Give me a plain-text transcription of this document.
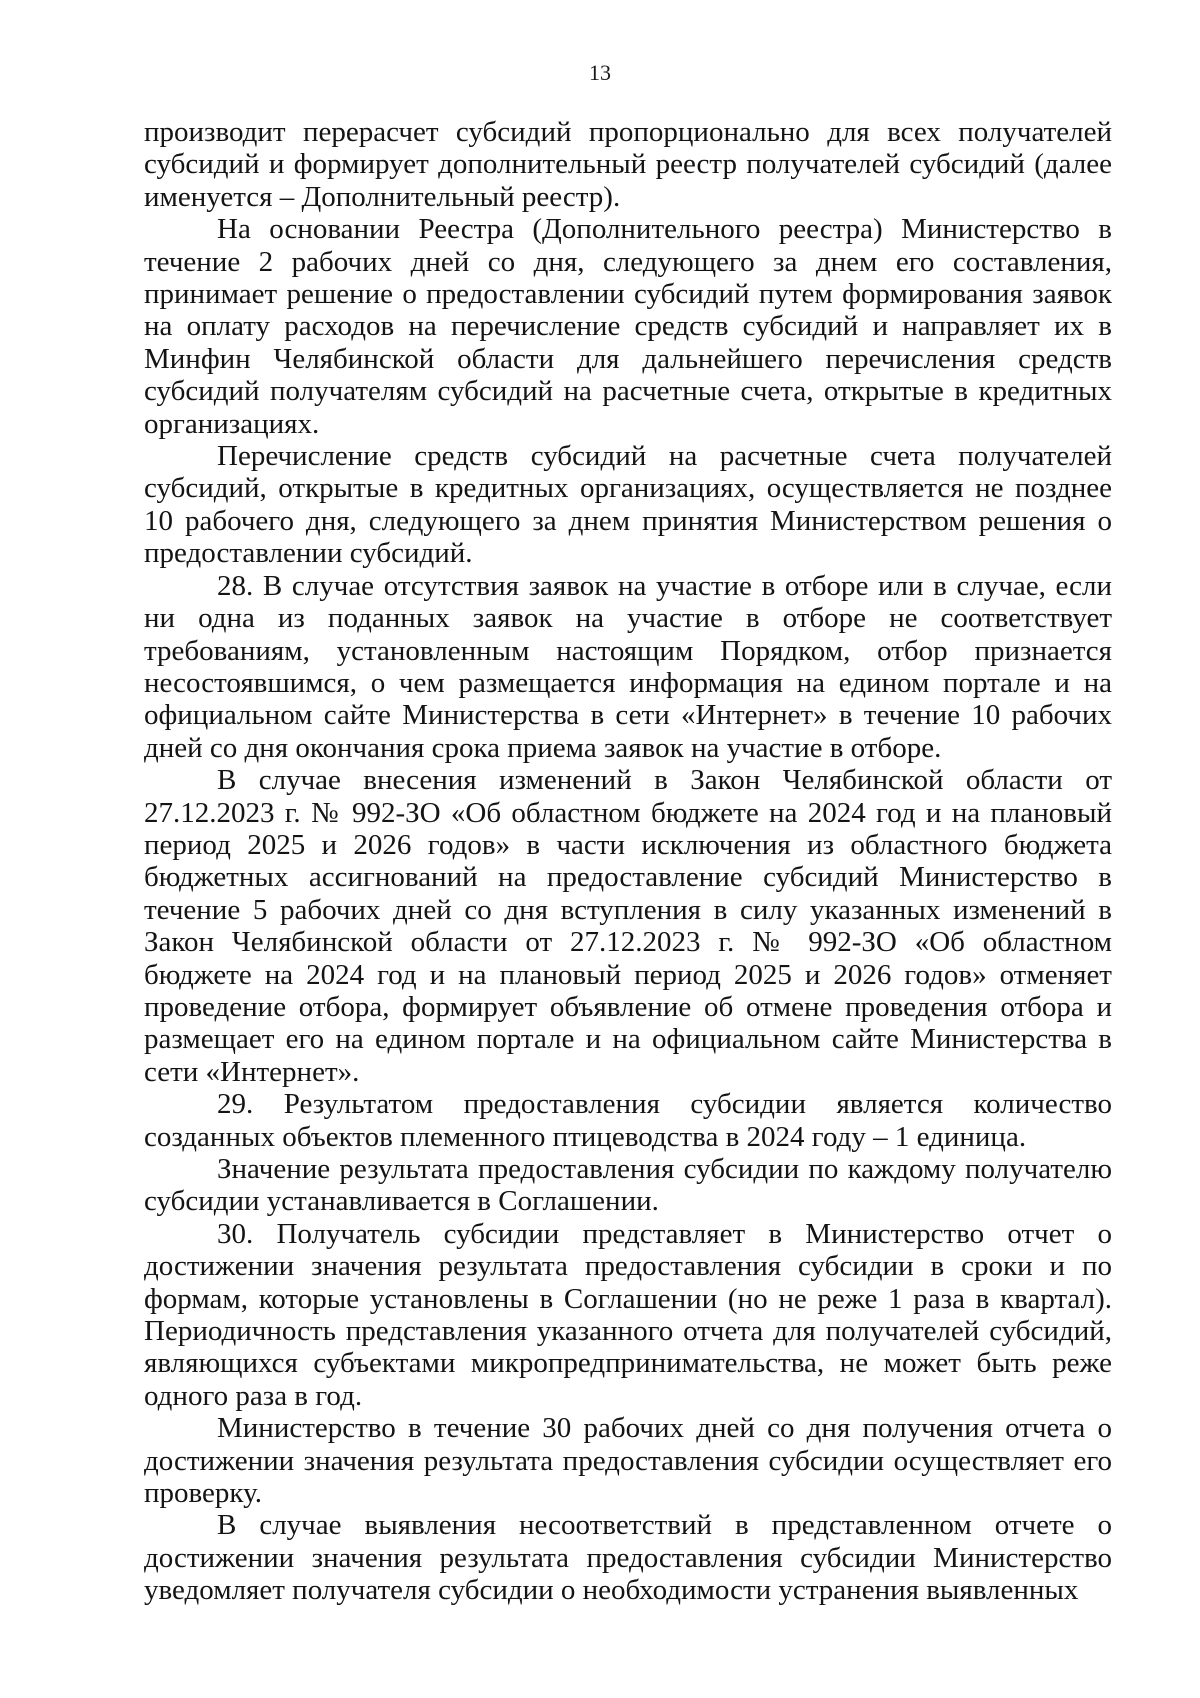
13

производит перерасчет субсидий пропорционально для всех получателей субсидий и формирует дополнительный реестр получателей субсидий (далее именуется – Дополнительный реестр).

На основании Реестра (Дополнительного реестра) Министерство в течение 2 рабочих дней со дня, следующего за днем его составления, принимает решение о предоставлении субсидий путем формирования заявок на оплату расходов на перечисление средств субсидий и направляет их в Минфин Челябинской области для дальнейшего перечисления средств субсидий получателям субсидий на расчетные счета, открытые в кредитных организациях.

Перечисление средств субсидий на расчетные счета получателей субсидий, открытые в кредитных организациях, осуществляется не позднее 10 рабочего дня, следующего за днем принятия Министерством решения о предоставлении субсидий.

28. В случае отсутствия заявок на участие в отборе или в случае, если ни одна из поданных заявок на участие в отборе не соответствует требованиям, установленным настоящим Порядком, отбор признается несостоявшимся, о чем размещается информация на едином портале и на официальном сайте Министерства в сети «Интернет» в течение 10 рабочих дней со дня окончания срока приема заявок на участие в отборе.

В случае внесения изменений в Закон Челябинской области от 27.12.2023 г. № 992-ЗО «Об областном бюджете на 2024 год и на плановый период 2025 и 2026 годов» в части исключения из областного бюджета бюджетных ассигнований на предоставление субсидий Министерство в течение 5 рабочих дней со дня вступления в силу указанных изменений в Закон Челябинской области от 27.12.2023 г. № 992-ЗО «Об областном бюджете на 2024 год и на плановый период 2025 и 2026 годов» отменяет проведение отбора, формирует объявление об отмене проведения отбора и размещает его на едином портале и на официальном сайте Министерства в сети «Интернет».

29. Результатом предоставления субсидии является количество созданных объектов племенного птицеводства в 2024 году – 1 единица.

Значение результата предоставления субсидии по каждому получателю субсидии устанавливается в Соглашении.

30. Получатель субсидии представляет в Министерство отчет о достижении значения результата предоставления субсидии в сроки и по формам, которые установлены в Соглашении (но не реже 1 раза в квартал). Периодичность представления указанного отчета для получателей субсидий, являющихся субъектами микропредпринимательства, не может быть реже одного раза в год.

Министерство в течение 30 рабочих дней со дня получения отчета о достижении значения результата предоставления субсидии осуществляет его проверку.

В случае выявления несоответствий в представленном отчете о достижении значения результата предоставления субсидии Министерство уведомляет получателя субсидии о необходимости устранения выявленных
